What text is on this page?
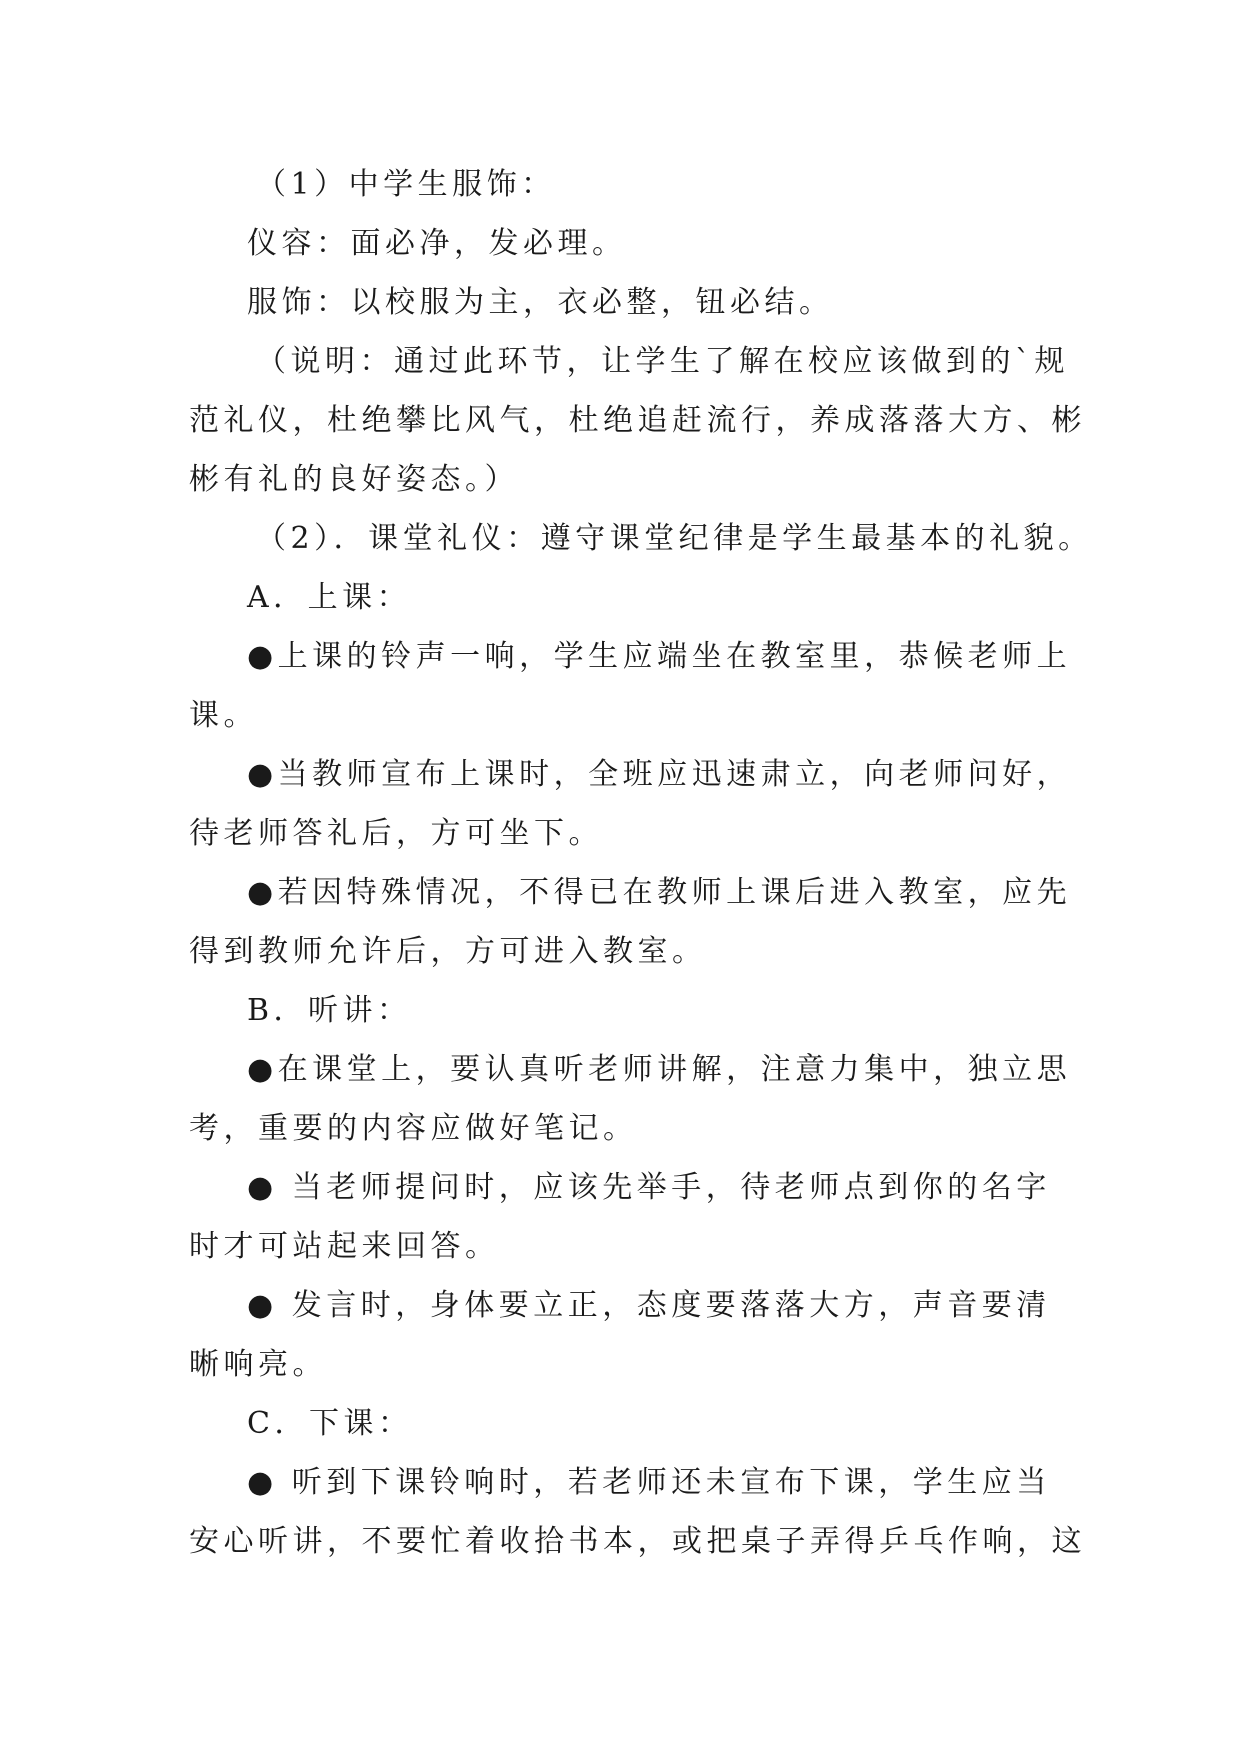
（1）中学生服饰：
仪容：面必净，发必理。
服饰：以校服为主，衣必整，钮必结。
（说明：通过此环节，让学生了解在校应该做到的`规
范礼仪，杜绝攀比风气，杜绝追赶流行，养成落落大方、彬
彬有礼的良好姿态。）
（2）．课堂礼仪：遵守课堂纪律是学生最基本的礼貌。
A．上课：
●上课的铃声一响，学生应端坐在教室里，恭候老师上
课。
●当教师宣布上课时，全班应迅速肃立，向老师问好，
待老师答礼后，方可坐下。
●若因特殊情况，不得已在教师上课后进入教室，应先
得到教师允许后，方可进入教室。
B．听讲：
●在课堂上，要认真听老师讲解，注意力集中，独立思
考，重要的内容应做好笔记。
● 当老师提问时，应该先举手，待老师点到你的名字
时才可站起来回答。
● 发言时，身体要立正，态度要落落大方，声音要清
晰响亮。
C．下课：
● 听到下课铃响时，若老师还未宣布下课，学生应当
安心听讲，不要忙着收拾书本，或把桌子弄得乒乓作响，这
